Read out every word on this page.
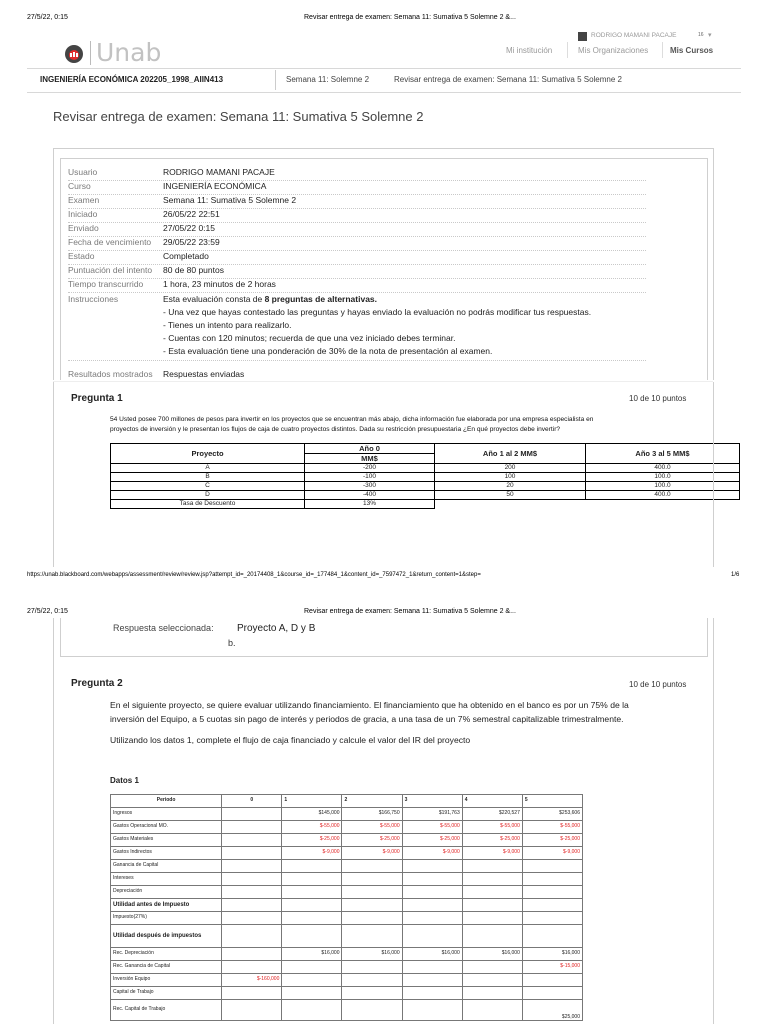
27/5/22, 0:15	Revisar entrega de examen: Semana 11: Sumativa 5 Solemne 2 &...
RODRIGO MAMANI PACAJE	16 ▾
Unab	Mi institución	Mis Organizaciones	Mis Cursos
INGENIERÍA ECONÓMICA 202205_1998_AIIN413	Semana 11: Solemne 2	Revisar entrega de examen: Semana 11: Sumativa 5 Solemne 2
Revisar entrega de examen: Semana 11: Sumativa 5 Solemne 2
Usuario	RODRIGO MAMANI PACAJE
Curso	INGENIERÍA ECONÓMICA
Examen	Semana 11: Sumativa 5 Solemne 2
Iniciado	26/05/22 22:51
Enviado	27/05/22 0:15
Fecha de vencimiento 29/05/22 23:59
Estado	Completado
Puntuación del intento 80 de 80 puntos
Tiempo transcurrido 1 hora, 23 minutos de 2 horas
Instrucciones	Esta evaluación consta de 8 preguntas de alternativas.
- Una vez que hayas contestado las preguntas y hayas enviado la evaluación no podrás modificar tus respuestas.
- Tienes un intento para realizarlo.
- Cuentas con 120 minutos; recuerda de que una vez iniciado debes terminar.
- Esta evaluación tiene una ponderación de 30% de la nota de presentación al examen.
Resultados mostrados Respuestas enviadas
Pregunta 1	10 de 10 puntos
54 Usted posee 700 millones de pesos para invertir en los proyectos que se encuentran más abajo, dicha información fue elaborada por una empresa especialista en
proyectos de inversión y le presentan los flujos de caja de cuatro proyectos distintos. Dada su restricción presupuestaria ¿En qué proyectos debe invertir?
Proyecto	Año 0	Año 1 al 2 MM$	Año 3 al 5 MM$
	MM$		
A	-200	200	400.0
B	-100	100	100.0
C	-300	20	100.0
D	-400	50	400.0
Tasa de Descuento	13%		
https://unab.blackboard.com/webapps/assessment/review/review.jsp?attempt_id=_20174408_1&course_id=_177484_1&content_id=_7597472_1&return_content=1&step=	1/6
27/5/22, 0:15	Revisar entrega de examen: Semana 11: Sumativa 5 Solemne 2 &...
Respuesta seleccionada: Proyecto A, D y B
b.
Pregunta 2	10 de 10 puntos
En el siguiente proyecto, se quiere evaluar utilizando financiamiento. El financiamiento que ha obtenido en el banco es por un 75% de la
inversión del Equipo, a 5 cuotas sin pago de interés y periodos de gracia, a una tasa de un 7% semestral capitalizable trimestralmente.
Utilizando los datos 1, complete el flujo de caja financiado y calcule el valor del IR del proyecto
Datos 1
Periodo	0	1	2	3	4	5
Ingresos		$145,000	$166,750	$191,763	$220,527	$253,606
Gastos Operacional MO.		$-55,000	$-55,000	$-55,000	$-55,000	$-55,000
Gastos Materiales		$-25,000	$-25,000	$-25,000	$-25,000	$-25,000
Gastos Indirectos		$-9,000	$-9,000	$-9,000	$-9,000	$-9,000
Ganancia de Capital						
Intereses						
Depreciación						
Utilidad antes de Impuesto						
Impuesto(27%)						
Utilidad después de impuestos						
Rec. Depreciación		$16,000	$16,000	$16,000	$16,000	$16,000
Rec. Ganancia de Capital						$-15,000
Inversión Equipo	$-160,000					
Capital de Trabajo						
Rec. Capital de Trabajo						$25,000
